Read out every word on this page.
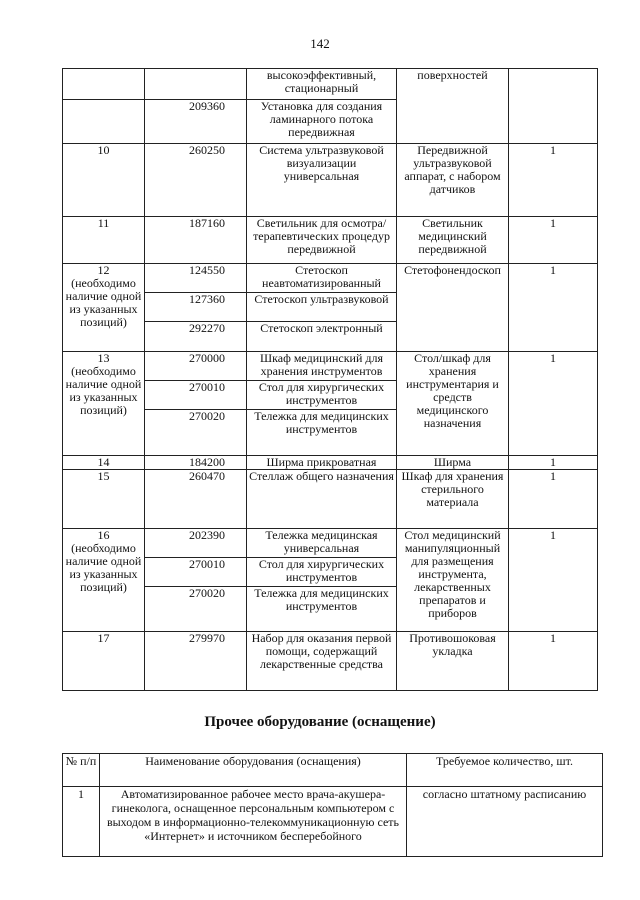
142
		высокоэффективный, стационарный	поверхностей	
	209360	Установка для создания ламинарного потока передвижная		
10	260250	Система ультразвуковой визуализации универсальная	Передвижной ультразвуковой аппарат, с набором датчиков	1
11	187160	Светильник для осмотра/терапевтических процедур передвижной	Светильник медицинский передвижной	1
12 (необходимо наличие одной из указанных позиций)	124550	Стетоскоп неавтоматизированный	Стетофонендоскоп	1
	127360	Стетоскоп ультразвуковой		
	292270	Стетоскоп электронный		
13 (необходимо наличие одной из указанных позиций)	270000	Шкаф медицинский для хранения инструментов	Стол/шкаф для хранения инструментария и средств медицинского назначения	1
	270010	Стол для хирургических инструментов		
	270020	Тележка для медицинских инструментов		
14	184200	Ширма прикроватная	Ширма	1
15	260470	Стеллаж общего назначения	Шкаф для хранения стерильного материала	1
16 (необходимо наличие одной из указанных позиций)	202390	Тележка медицинская универсальная	Стол медицинский манипуляционный для размещения инструмента, лекарственных препаратов и приборов	1
	270010	Стол для хирургических инструментов		
	270020	Тележка для медицинских инструментов		
17	279970	Набор для оказания первой помощи, содержащий лекарственные средства	Противошоковая укладка	1
Прочее оборудование (оснащение)
№ п/п	Наименование оборудования (оснащения)	Требуемое количество, шт.
1	Автоматизированное рабочее место врача-акушера-гинеколога, оснащенное персональным компьютером с выходом в информационно-телекоммуникационную сеть «Интернет» и источником бесперебойного	согласно штатному расписанию
